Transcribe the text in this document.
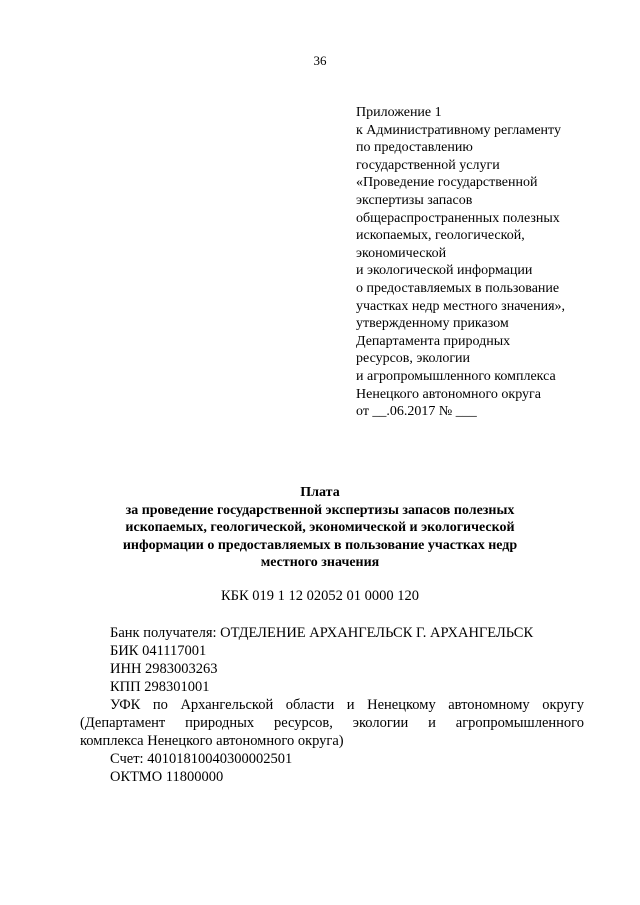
36
Приложение 1
к Административному регламенту
по предоставлению
государственной услуги
«Проведение государственной
экспертизы запасов
общераспространенных полезных
ископаемых, геологической,
экономической
и экологической информации
о предоставляемых в пользование
участках недр местного значения»,
утвержденному приказом
Департамента природных
ресурсов, экологии
и агропромышленного комплекса
Ненецкого автономного округа
от __.06.2017 № ___
Плата
за проведение государственной экспертизы запасов полезных
ископаемых, геологической, экономической и экологической
информации о предоставляемых в пользование участках недр
местного значения
КБК 019 1 12 02052 01 0000 120
Банк получателя: ОТДЕЛЕНИЕ АРХАНГЕЛЬСК Г. АРХАНГЕЛЬСК
БИК 041117001
ИНН 2983003263
КПП 298301001
УФК по Архангельской области и Ненецкому автономному округу
(Департамент природных ресурсов, экологии и агропромышленного
комплекса Ненецкого автономного округа)
Счет: 40101810040300002501
ОКТМО 11800000
